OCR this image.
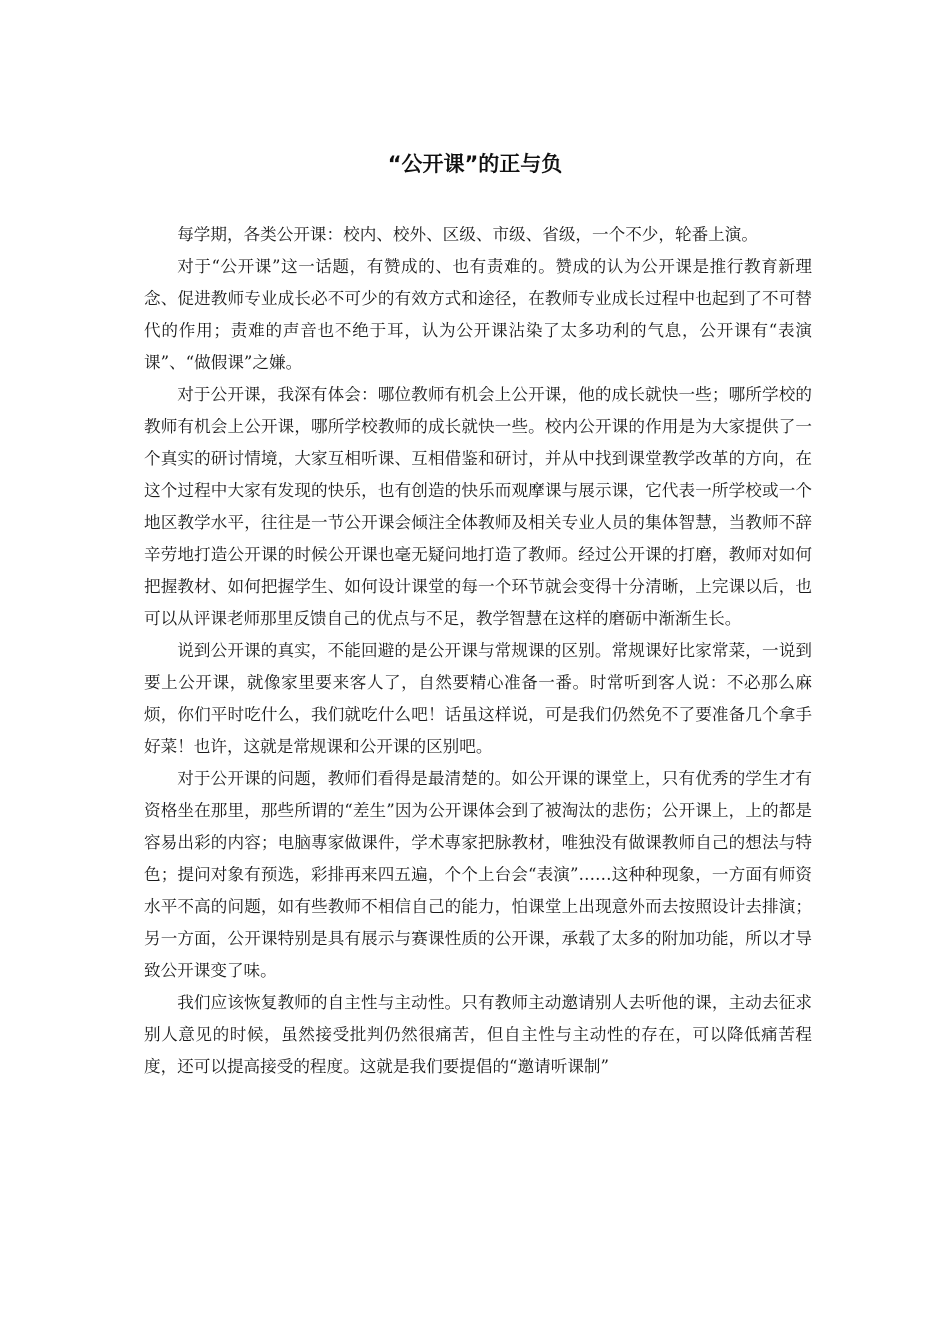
“公开课”的正与负

每学期，各类公开课：校内、校外、区级、市级、省级，一个不少，轮番上演。

对于“公开课”这一话题，有赞成的、也有责难的。赞成的认为公开课是推行教育新理念、促进教师专业成长必不可少的有效方式和途径，在教师专业成长过程中也起到了不可替代的作用；责难的声音也不绝于耳，认为公开课沾染了太多功利的气息，公开课有“表演课”、“做假课”之嫌。

对于公开课，我深有体会：哪位教师有机会上公开课，他的成长就快一些；哪所学校的教师有机会上公开课，哪所学校教师的成长就快一些。校内公开课的作用是为大家提供了一个真实的研讨情境，大家互相听课、互相借鉴和研讨，并从中找到课堂教学改革的方向，在这个过程中大家有发现的快乐，也有创造的快乐而观摩课与展示课，它代表一所学校或一个地区教学水平，往往是一节公开课会倾注全体教师及相关专业人员的集体智慧，当教师不辞辛劳地打造公开课的时候公开课也毫无疑问地打造了教师。经过公开课的打磨，教师对如何把握教材、如何把握学生、如何设计课堂的每一个环节就会变得十分清晰，上完课以后，也可以从评课老师那里反馈自己的优点与不足，教学智慧在这样的磨砺中渐渐生长。

说到公开课的真实，不能回避的是公开课与常规课的区别。常规课好比家常菜，一说到要上公开课，就像家里要来客人了，自然要精心准备一番。时常听到客人说：不必那么麻烦，你们平时吃什么，我们就吃什么吧！话虽这样说，可是我们仍然免不了要准备几个拿手好菜！也许，这就是常规课和公开课的区别吧。

对于公开课的问题，教师们看得是最清楚的。如公开课的课堂上，只有优秀的学生才有资格坐在那里，那些所谓的“差生”因为公开课体会到了被淘汰的悲伤；公开课上，上的都是容易出彩的内容；电脑專家做课件，学术專家把脉教材，唯独没有做课教师自己的想法与特色；提问对象有预选，彩排再来四五遍，个个上台会“表演”……这种种现象，一方面有师资水平不高的问题，如有些教师不相信自己的能力，怕课堂上出现意外而去按照设计去排演；另一方面，公开课特别是具有展示与赛课性质的公开课，承载了太多的附加功能，所以才导致公开课变了味。

我们应该恢复教师的自主性与主动性。只有教师主动邀请别人去听他的课，主动去征求别人意见的时候，虽然接受批判仍然很痛苦，但自主性与主动性的存在，可以降低痛苦程度，还可以提高接受的程度。这就是我们要提倡的“邀请听课制”
